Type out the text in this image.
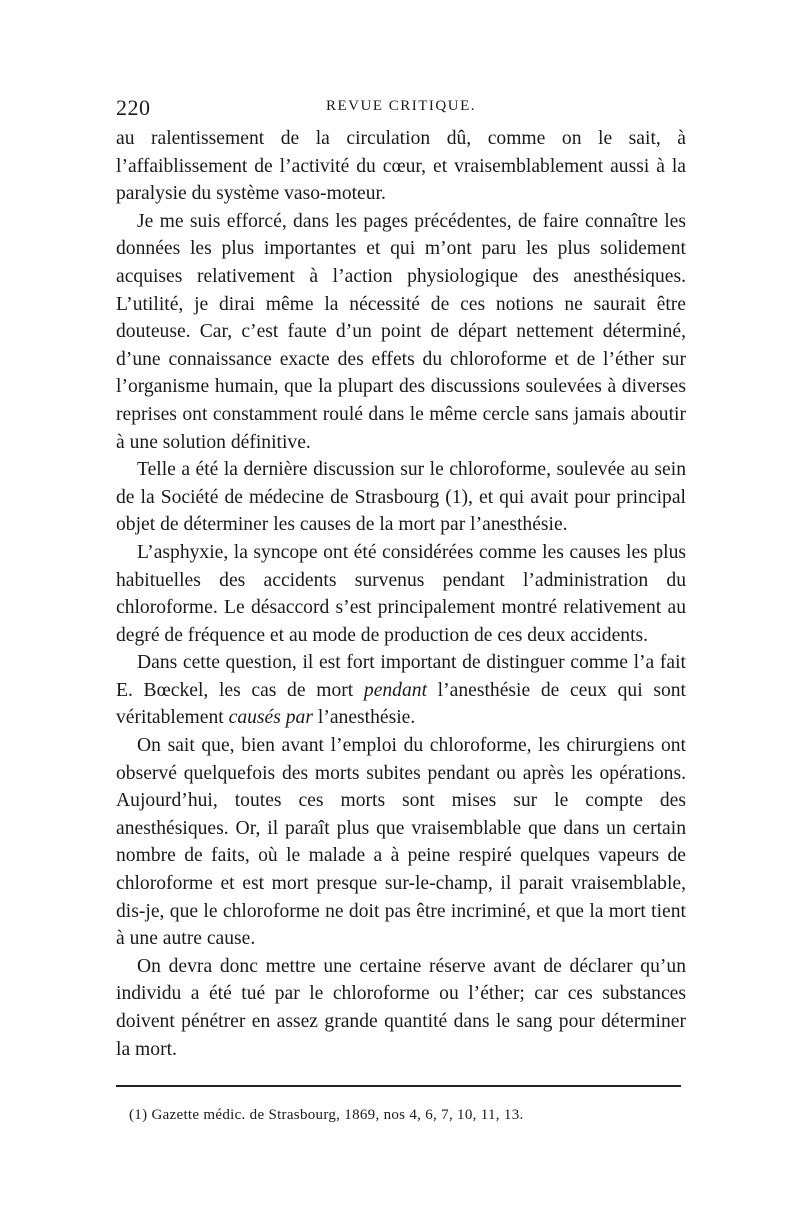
220	REVUE CRITIQUE.

au ralentissement de la circulation dû, comme on le sait, à l’affaiblissement de l’activité du cœur, et vraisemblablement aussi à la paralysie du système vaso-moteur.

Je me suis efforcé, dans les pages précédentes, de faire connaître les données les plus importantes et qui m’ont paru les plus solidement acquises relativement à l’action physiologique des anesthésiques. L’utilité, je dirai même la nécessité de ces notions ne saurait être douteuse. Car, c’est faute d’un point de départ nettement déterminé, d’une connaissance exacte des effets du chloroforme et de l’éther sur l’organisme humain, que la plupart des discussions soulevées à diverses reprises ont constamment roulé dans le même cercle sans jamais aboutir à une solution définitive.

Telle a été la dernière discussion sur le chloroforme, soulevée au sein de la Société de médecine de Strasbourg (1), et qui avait pour principal objet de déterminer les causes de la mort par l’anesthésie.

L’asphyxie, la syncope ont été considérées comme les causes les plus habituelles des accidents survenus pendant l’administration du chloroforme. Le désaccord s’est principalement montré relativement au degré de fréquence et au mode de production de ces deux accidents.

Dans cette question, il est fort important de distinguer comme l’a fait E. Bœckel, les cas de mort pendant l’anesthésie de ceux qui sont véritablement causés par l’anesthésie.

On sait que, bien avant l’emploi du chloroforme, les chirurgiens ont observé quelquefois des morts subites pendant ou après les opérations. Aujourd’hui, toutes ces morts sont mises sur le compte des anesthésiques. Or, il paraît plus que vraisemblable que dans un certain nombre de faits, où le malade a à peine respiré quelques vapeurs de chloroforme et est mort presque sur-le-champ, il parait vraisemblable, dis-je, que le chloroforme ne doit pas être incriminé, et que la mort tient à une autre cause.

On devra donc mettre une certaine réserve avant de déclarer qu’un individu a été tué par le chloroforme ou l’éther; car ces substances doivent pénétrer en assez grande quantité dans le sang pour déterminer la mort.

(1) Gazette médic. de Strasbourg, 1869, nos 4, 6, 7, 10, 11, 13.
